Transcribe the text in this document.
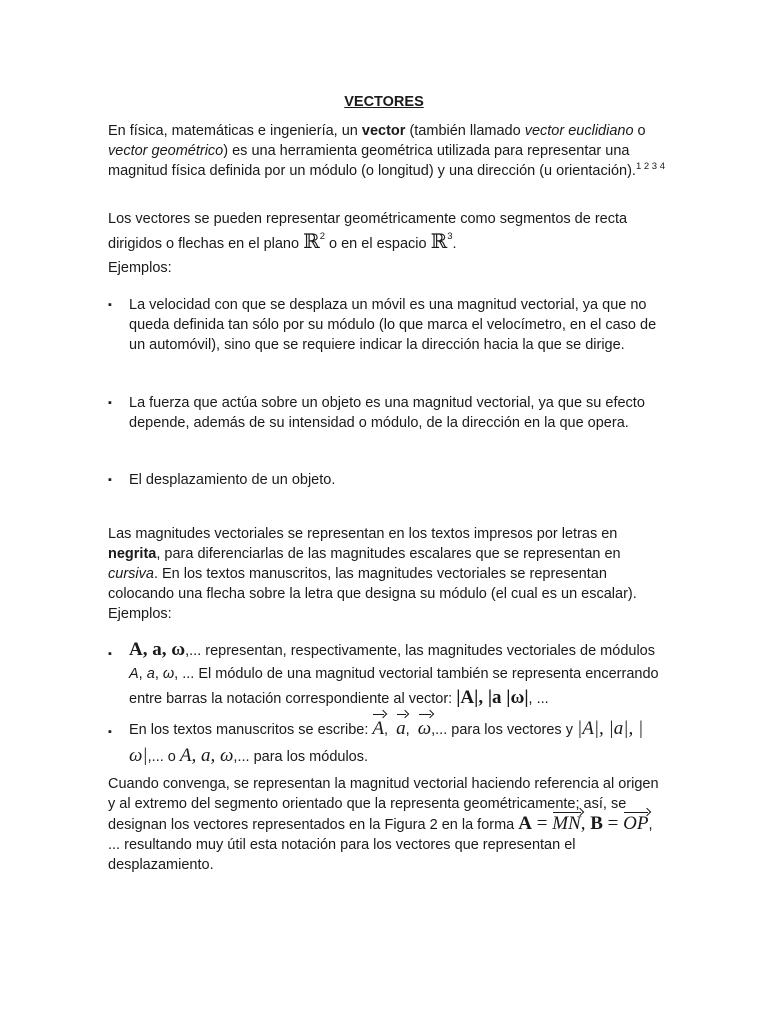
VECTORES
En física, matemáticas e ingeniería, un vector (también llamado vector euclidiano o vector geométrico) es una herramienta geométrica utilizada para representar una magnitud física definida por un módulo (o longitud) y una dirección (u orientación).$^{1 2 3 4}$
Los vectores se pueden representar geométricamente como segmentos de recta dirigidos o flechas en el plano ℝ$^2$ o en el espacio ℝ$^3$.
Ejemplos:
▪	La velocidad con que se desplaza un móvil es una magnitud vectorial, ya que no queda definida tan sólo por su módulo (lo que marca el velocímetro, en el caso de un automóvil), sino que se requiere indicar la dirección hacia la que se dirige.
▪	La fuerza que actúa sobre un objeto es una magnitud vectorial, ya que su efecto depende, además de su intensidad o módulo, de la dirección en la que opera.
▪	El desplazamiento de un objeto.
Las magnitudes vectoriales se representan en los textos impresos por letras en negrita, para diferenciarlas de las magnitudes escalares que se representan en cursiva. En los textos manuscritos, las magnitudes vectoriales se representan colocando una flecha sobre la letra que designa su módulo (el cual es un escalar). Ejemplos:
▪ A, a, ω,... representan, respectivamente, las magnitudes vectoriales de módulos A, a, ω, ... El módulo de una magnitud vectorial también se representa encerrando entre barras la notación correspondiente al vector: |A|, |a |ω|, ...
▪	En los textos manuscritos se escribe: A,  a,  ω,... para los vectores y |A|, |a|, |ω|,... o A, a, ω,... para los módulos.
Cuando convenga, se representan la magnitud vectorial haciendo referencia al origen y al extremo del segmento orientado que la representa geométricamente; así, se designan los vectores representados en la Figura 2 en la forma A = MN, B = OP, ... resultando muy útil esta notación para los vectores que representan el desplazamiento.
